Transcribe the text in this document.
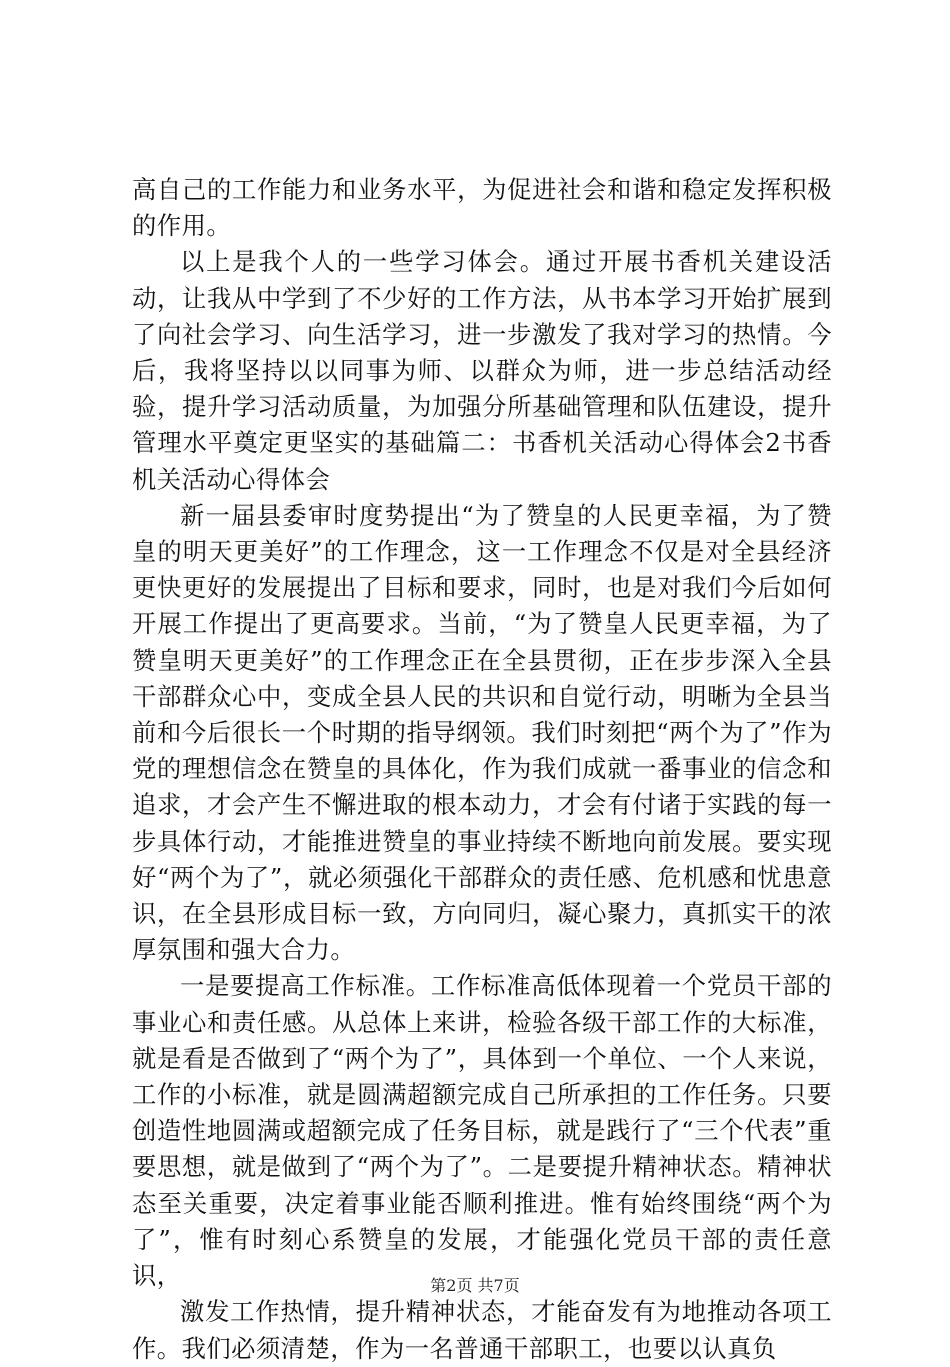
高自己的工作能力和业务水平，为促进社会和谐和稳定发挥积极的作用。

以上是我个人的一些学习体会。通过开展书香机关建设活动，让我从中学到了不少好的工作方法，从书本学习开始扩展到了向社会学习、向生活学习，进一步激发了我对学习的热情。今后，我将坚持以以同事为师、以群众为师，进一步总结活动经验，提升学习活动质量，为加强分所基础管理和队伍建设，提升管理水平奠定更坚实的基础篇二：书香机关活动心得体会2书香机关活动心得体会

新一届县委审时度势提出“为了赞皇的人民更幸福，为了赞皇的明天更美好”的工作理念，这一工作理念不仅是对全县经济更快更好的发展提出了目标和要求，同时，也是对我们今后如何开展工作提出了更高要求。当前，“为了赞皇人民更幸福，为了赞皇明天更美好”的工作理念正在全县贯彻，正在步步深入全县干部群众心中，变成全县人民的共识和自觉行动，明晰为全县当前和今后很长一个时期的指导纲领。我们时刻把“两个为了”作为党的理想信念在赞皇的具体化，作为我们成就一番事业的信念和追求，才会产生不懈进取的根本动力，才会有付诸于实践的每一步具体行动，才能推进赞皇的事业持续不断地向前发展。要实现好“两个为了”，就必须强化干部群众的责任感、危机感和忧患意识，在全县形成目标一致，方向同归，凝心聚力，真抓实干的浓厚氛围和强大合力。

一是要提高工作标准。工作标准高低体现着一个党员干部的事业心和责任感。从总体上来讲，检验各级干部工作的大标准，就是看是否做到了“两个为了”，具体到一个单位、一个人来说，工作的小标准，就是圆满超额完成自己所承担的工作任务。只要创造性地圆满或超额完成了任务目标，就是践行了“三个代表”重要思想，就是做到了“两个为了”。二是要提升精神状态。精神状态至关重要，决定着事业能否顺利推进。惟有始终围绕“两个为了”，惟有时刻心系赞皇的发展，才能强化党员干部的责任意识，

激发工作热情，提升精神状态，才能奋发有为地推动各项工作。我们必须清楚，作为一名普通干部职工，也要以认真负

第2页 共7页
